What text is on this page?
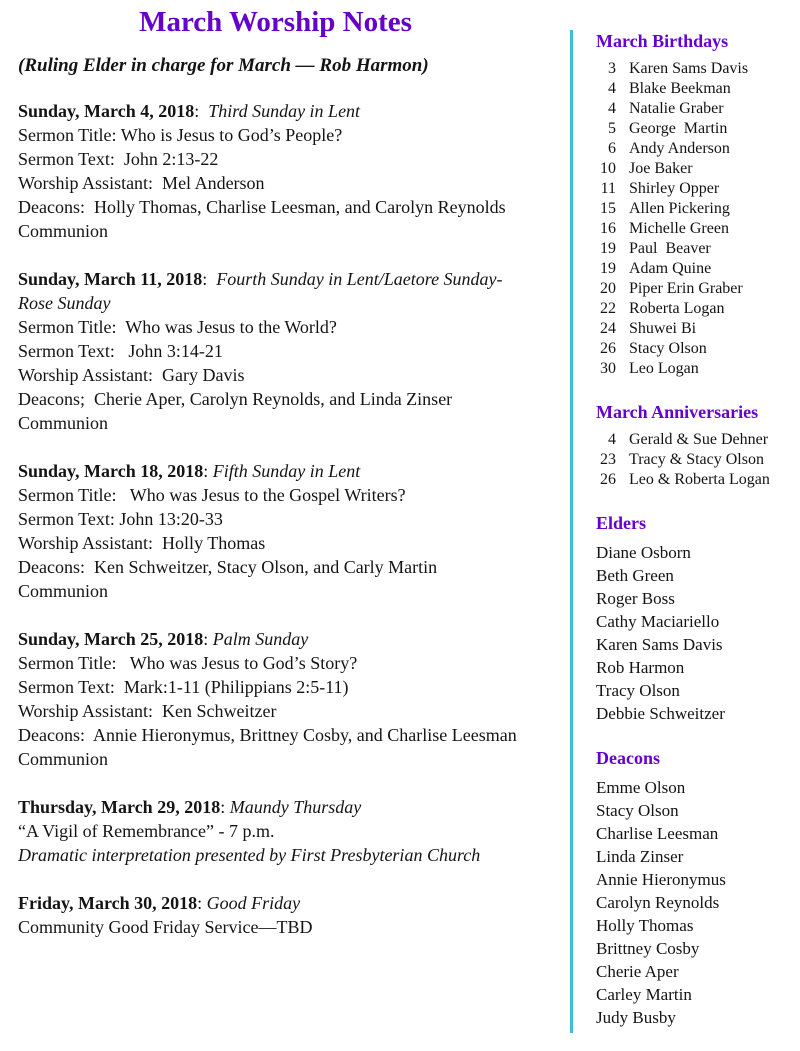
March Worship Notes

(Ruling Elder in charge for March — Rob Harmon)

Sunday, March 4, 2018:  Third Sunday in Lent

Sermon Title: Who is Jesus to God’s People?

Sermon Text:  John 2:13-22

Worship Assistant:  Mel Anderson

Deacons:  Holly Thomas, Charlise Leesman, and Carolyn Reynolds

Communion

Sunday, March 11, 2018:  Fourth Sunday in Lent/Laetore Sunday-Rose Sunday

Sermon Title:  Who was Jesus to the World?

Sermon Text:   John 3:14-21

Worship Assistant:  Gary Davis

Deacons;  Cherie Aper, Carolyn Reynolds, and Linda Zinser

Communion

Sunday, March 18, 2018: Fifth Sunday in Lent

Sermon Title:   Who was Jesus to the Gospel Writers?

Sermon Text: John 13:20-33

Worship Assistant:  Holly Thomas

Deacons:  Ken Schweitzer, Stacy Olson, and Carly Martin

Communion

Sunday, March 25, 2018: Palm Sunday

Sermon Title:   Who was Jesus to God’s Story?

Sermon Text:  Mark:1-11 (Philippians 2:5-11)

Worship Assistant:  Ken Schweitzer

Deacons:  Annie Hieronymus, Brittney Cosby, and Charlise Leesman

Communion

Thursday, March 29, 2018: Maundy Thursday

“A Vigil of Remembrance” - 7 p.m.

Dramatic interpretation presented by First Presbyterian Church

Friday, March 30, 2018: Good Friday

Community Good Friday Service—TBD

March Birthdays

3 Karen Sams Davis

4 Blake Beekman

4 Natalie Graber

5 George  Martin

6 Andy Anderson

10 Joe Baker

11 Shirley Opper

15 Allen Pickering

16 Michelle Green

19 Paul  Beaver

19 Adam Quine

20 Piper Erin Graber

22 Roberta Logan

24 Shuwei Bi

26 Stacy Olson

30 Leo Logan

March Anniversaries

4 Gerald & Sue Dehner

23 Tracy & Stacy Olson

26 Leo & Roberta Logan

Elders

Diane Osborn

Beth Green

Roger Boss

Cathy Maciariello

Karen Sams Davis

Rob Harmon

Tracy Olson

Debbie Schweitzer

Deacons

Emme Olson

Stacy Olson

Charlise Leesman

Linda Zinser

Annie Hieronymus

Carolyn Reynolds

Holly Thomas

Brittney Cosby

Cherie Aper

Carley Martin

Judy Busby
